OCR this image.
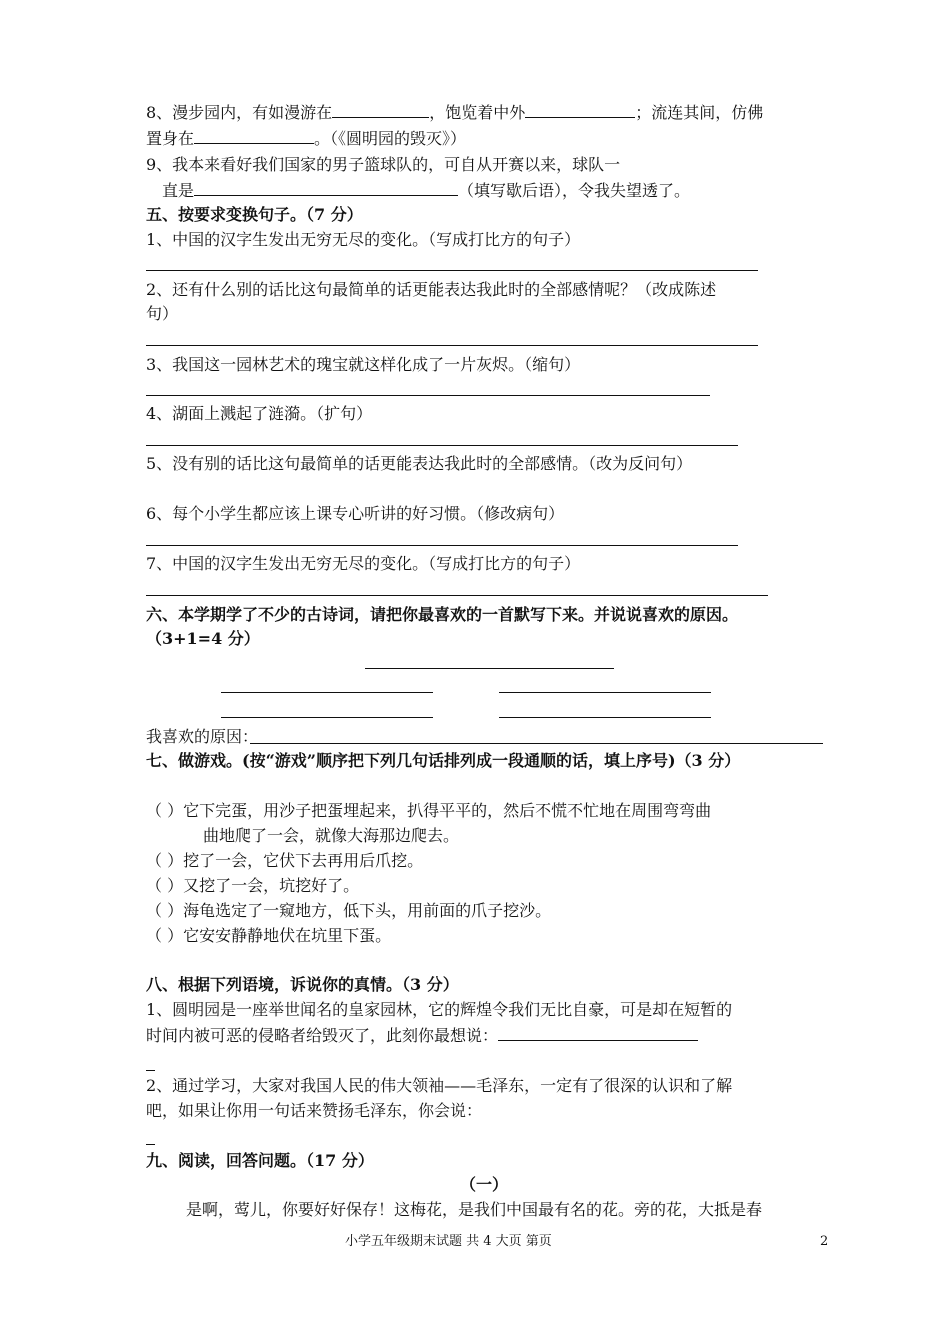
8、漫步园内，有如漫游在	，饱览着中外	；流连其间，仿佛
置身在	。（《圆明园的毁灭》）
9、我本来看好我们国家的男子篮球队的，可自从开赛以来，球队一
直是	（填写歇后语），令我失望透了。
五、按要求变换句子。（7 分）
1、中国的汉字生发出无穷无尽的变化。（写成打比方的句子）
2、还有什么别的话比这句最简单的话更能表达我此时的全部感情呢？（改成陈述
句）
3、我国这一园林艺术的瑰宝就这样化成了一片灰烬。（缩句）
4、湖面上溅起了涟漪。（扩句）
5、没有别的话比这句最简单的话更能表达我此时的全部感情。（改为反问句）
6、每个小学生都应该上课专心听讲的好习惯。（修改病句）
7、中国的汉字生发出无穷无尽的变化。（写成打比方的句子）
六、本学期学了不少的古诗词，请把你最喜欢的一首默写下来。并说说喜欢的原因。
（3+1=4 分）
我喜欢的原因：
七、做游戏。(按“游戏”顺序把下列几句话排列成一段通顺的话，填上序号)（3 分）
（ ）它下完蛋，用沙子把蛋埋起来，扒得平平的，然后不慌不忙地在周围弯弯曲
曲地爬了一会，就像大海那边爬去。
（ ）挖了一会，它伏下去再用后爪挖。
（ ）又挖了一会，坑挖好了。
（ ）海龟选定了一窥地方，低下头，用前面的爪子挖沙。
（ ）它安安静静地伏在坑里下蛋。
八、根据下列语境，诉说你的真情。（3 分）
1、圆明园是一座举世闻名的皇家园林，它的辉煌令我们无比自豪，可是却在短暂的
时间内被可恶的侵略者给毁灭了，此刻你最想说：
2、通过学习，大家对我国人民的伟大领袖——毛泽东，一定有了很深的认识和了解
吧，如果让你用一句话来赞扬毛泽东，你会说：
九、阅读，回答问题。（17 分）
（一）
是啊，莺儿，你要好好保存！这梅花，是我们中国最有名的花。旁的花，大抵是春
小学五年级期末试题 共 4 大页 第页	2
